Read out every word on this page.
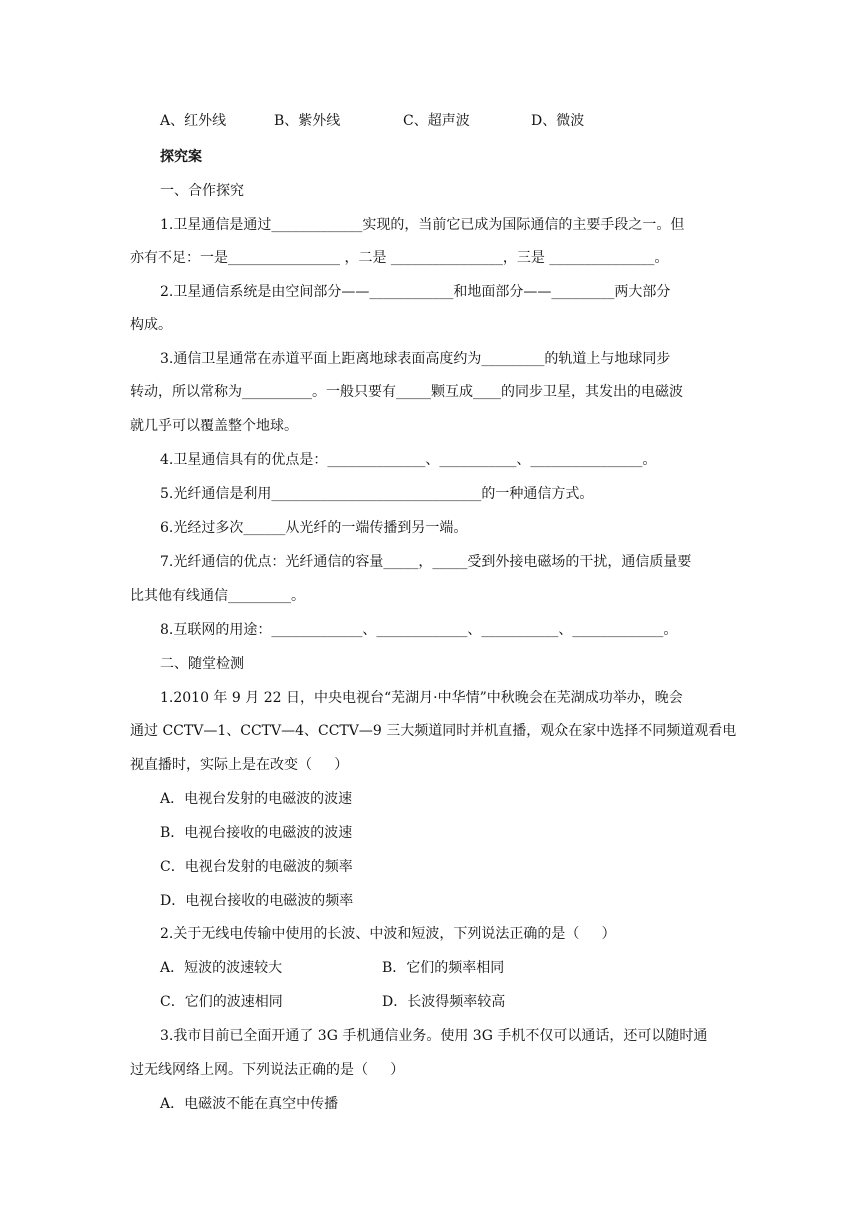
A、红外线	B、紫外线	C、超声波	D、微波
探究案
一、合作探究
1.卫星通信是通过_____________实现的，当前它已成为国际通信的主要手段之一。但
亦有不足：一是________________ ，二是 ________________，三是 _______________。
2.卫星通信系统是由空间部分——____________和地面部分——_________两大部分
构成。
3.通信卫星通常在赤道平面上距离地球表面高度约为_________的轨道上与地球同步
转动，所以常称为__________。一般只要有_____颗互成____的同步卫星，其发出的电磁波
就几乎可以覆盖整个地球。
4.卫星通信具有的优点是：______________、___________、________________。
5.光纤通信是利用______________________________的一种通信方式。
6.光经过多次______从光纤的一端传播到另一端。
7.光纤通信的优点：光纤通信的容量_____，_____受到外接电磁场的干扰，通信质量要
比其他有线通信_________。
8.互联网的用途：_____________、_____________、___________、_____________。
二、随堂检测
1.2010 年 9 月 22 日，中央电视台“芜湖月·中华情”中秋晚会在芜湖成功举办，晚会
通过 CCTV—1、CCTV—4、CCTV—9 三大频道同时并机直播，观众在家中选择不同频道观看电
视直播时，实际上是在改变（     ）
A．电视台发射的电磁波的波速
B．电视台接收的电磁波的波速
C．电视台发射的电磁波的频率
D．电视台接收的电磁波的频率
2.关于无线电传输中使用的长波、中波和短波，下列说法正确的是（     ）
A．短波的波速较大	B．它们的频率相同
C．它们的波速相同	D．长波得频率较高
3.我市目前已全面开通了 3G 手机通信业务。使用 3G 手机不仅可以通话，还可以随时通
过无线网络上网。下列说法正确的是（     ）
A．电磁波不能在真空中传播
